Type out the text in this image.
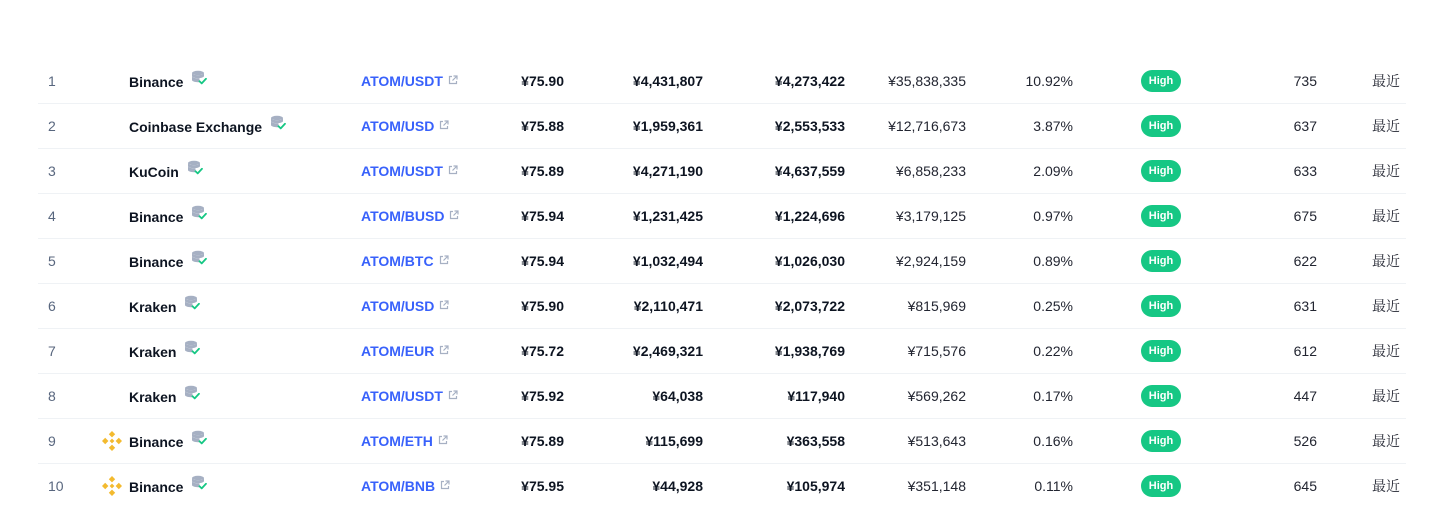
1	Binance	ATOM/USDT	¥75.90	¥4,431,807	¥4,273,422	¥35,838,335	10.92%	High	735	最近
2	Coinbase Exchange	ATOM/USD	¥75.88	¥1,959,361	¥2,553,533	¥12,716,673	3.87%	High	637	最近
3	KuCoin	ATOM/USDT	¥75.89	¥4,271,190	¥4,637,559	¥6,858,233	2.09%	High	633	最近
4	Binance	ATOM/BUSD	¥75.94	¥1,231,425	¥1,224,696	¥3,179,125	0.97%	High	675	最近
5	Binance	ATOM/BTC	¥75.94	¥1,032,494	¥1,026,030	¥2,924,159	0.89%	High	622	最近
6	Kraken	ATOM/USD	¥75.90	¥2,110,471	¥2,073,722	¥815,969	0.25%	High	631	最近
7	Kraken	ATOM/EUR	¥75.72	¥2,469,321	¥1,938,769	¥715,576	0.22%	High	612	最近
8	Kraken	ATOM/USDT	¥75.92	¥64,038	¥117,940	¥569,262	0.17%	High	447	最近
9	Binance	ATOM/ETH	¥75.89	¥115,699	¥363,558	¥513,643	0.16%	High	526	最近
10	Binance	ATOM/BNB	¥75.95	¥44,928	¥105,974	¥351,148	0.11%	High	645	最近
